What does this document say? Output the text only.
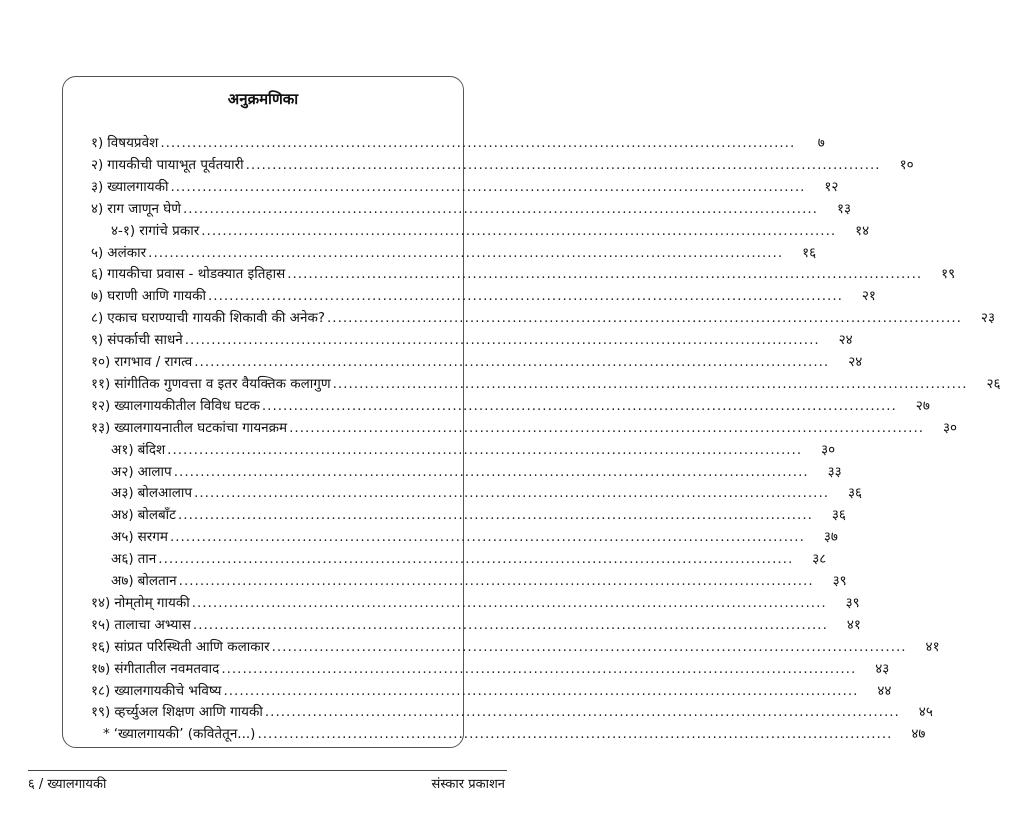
अनुक्रमणिका
१) विषयप्रवेश ........................................................................................................................	७
२) गायकीची पायाभूत पूर्वतयारी ........................................................................................................................	१०
३) ख्यालगायकी ........................................................................................................................	१२
४) राग जाणून घेणे ........................................................................................................................	१३
४-१) रागांचे प्रकार ........................................................................................................................	१४
५) अलंकार ........................................................................................................................	१६
६) गायकीचा प्रवास - थोडक्यात इतिहास ........................................................................................................................	१९
७) घराणी आणि गायकी ........................................................................................................................	२१
८) एकाच घराण्याची गायकी शिकावी की अनेक? ........................................................................................................................	२३
९) संपर्काची साधने ........................................................................................................................	२४
१०) रागभाव / रागत्व ........................................................................................................................	२४
११) सांगीतिक गुणवत्ता व इतर वैयक्तिक कलागुण ........................................................................................................................	२६
१२) ख्यालगायकीतील विविध घटक ........................................................................................................................	२७
१३) ख्यालगायनातील घटकांचा गायनक्रम ........................................................................................................................	३०
अ१) बंदिश ........................................................................................................................	३०
अ२) आलाप ........................................................................................................................	३३
अ३) बोलआलाप ........................................................................................................................	३६
अ४) बोलबाँट ........................................................................................................................	३६
अ५) सरगम ........................................................................................................................	३७
अ६) तान ........................................................................................................................	३८
अ७) बोलतान ........................................................................................................................	३९
१४) नोम्‌तोम्‌ गायकी ........................................................................................................................	३९
१५) तालाचा अभ्यास ........................................................................................................................	४१
१६) सांप्रत परिस्थिती आणि कलाकार ........................................................................................................................	४१
१७) संगीतातील नवमतवाद ........................................................................................................................	४३
१८) ख्यालगायकीचे भविष्य ........................................................................................................................	४४
१९) व्हर्च्युअल शिक्षण आणि गायकी ........................................................................................................................	४५
* ‘ख्यालगायकी’ (कवितेतून...) ........................................................................................................................	४७
६ / ख्यालगायकी	संस्कार प्रकाशन
